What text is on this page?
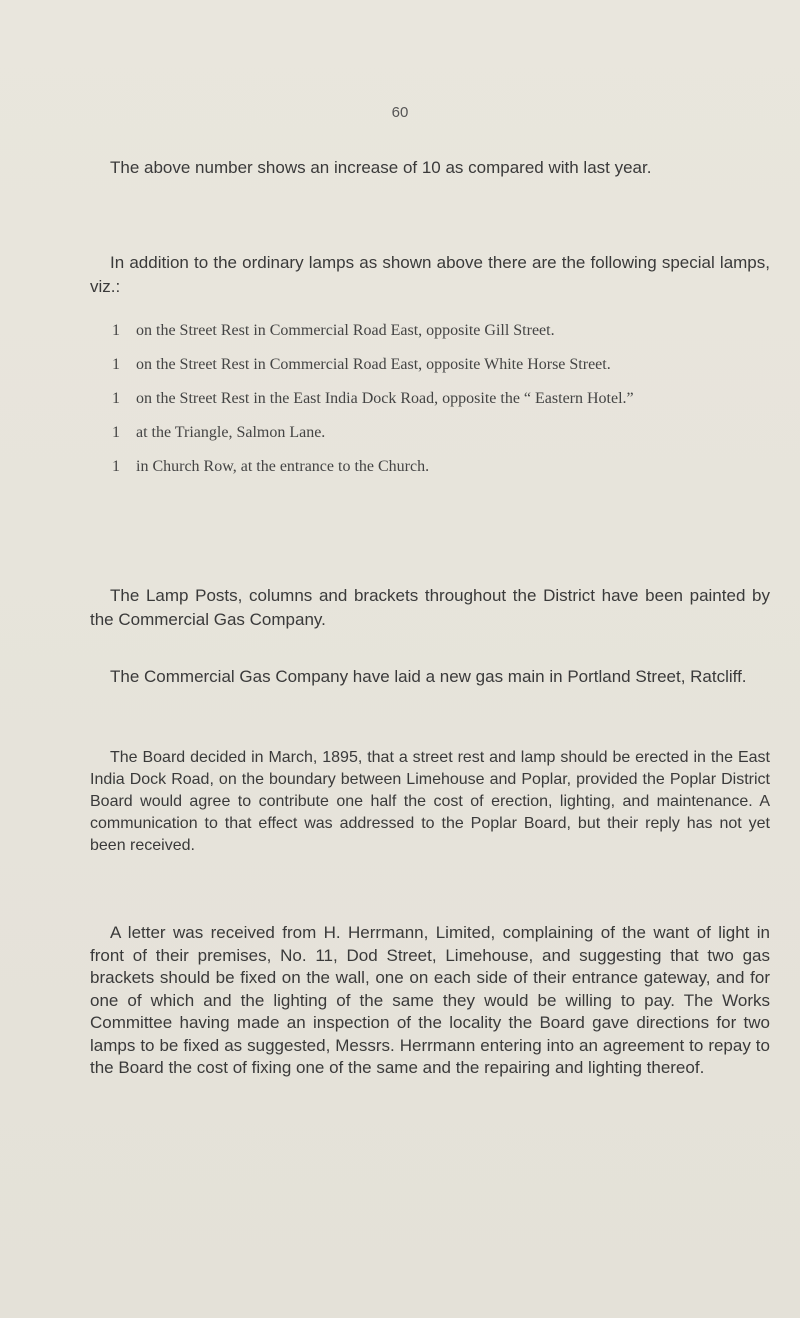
60

The above number shows an increase of 10 as compared with last year.

In addition to the ordinary lamps as shown above there are the following special lamps, viz.:

1 on the Street Rest in Commercial Road East, opposite Gill Street.
1 on the Street Rest in Commercial Road East, opposite White Horse Street.
1 on the Street Rest in the East India Dock Road, opposite the “ Eastern Hotel.”
1 at the Triangle, Salmon Lane.
1 in Church Row, at the entrance to the Church.

The Lamp Posts, columns and brackets throughout the District have been painted by the Commercial Gas Company.

The Commercial Gas Company have laid a new gas main in Portland Street, Ratcliff.

The Board decided in March, 1895, that a street rest and lamp should be erected in the East India Dock Road, on the boundary between Limehouse and Poplar, provided the Poplar District Board would agree to contribute one half the cost of erection, lighting, and maintenance. A communication to that effect was addressed to the Poplar Board, but their reply has not yet been received.

A letter was received from H. Herrmann, Limited, complaining of the want of light in front of their premises, No. 11, Dod Street, Limehouse, and suggesting that two gas brackets should be fixed on the wall, one on each side of their entrance gateway, and for one of which and the lighting of the same they would be willing to pay. The Works Committee having made an inspection of the locality the Board gave directions for two lamps to be fixed as suggested, Messrs. Herrmann entering into an agreement to repay to the Board the cost of fixing one of the same and the repairing and lighting thereof.
